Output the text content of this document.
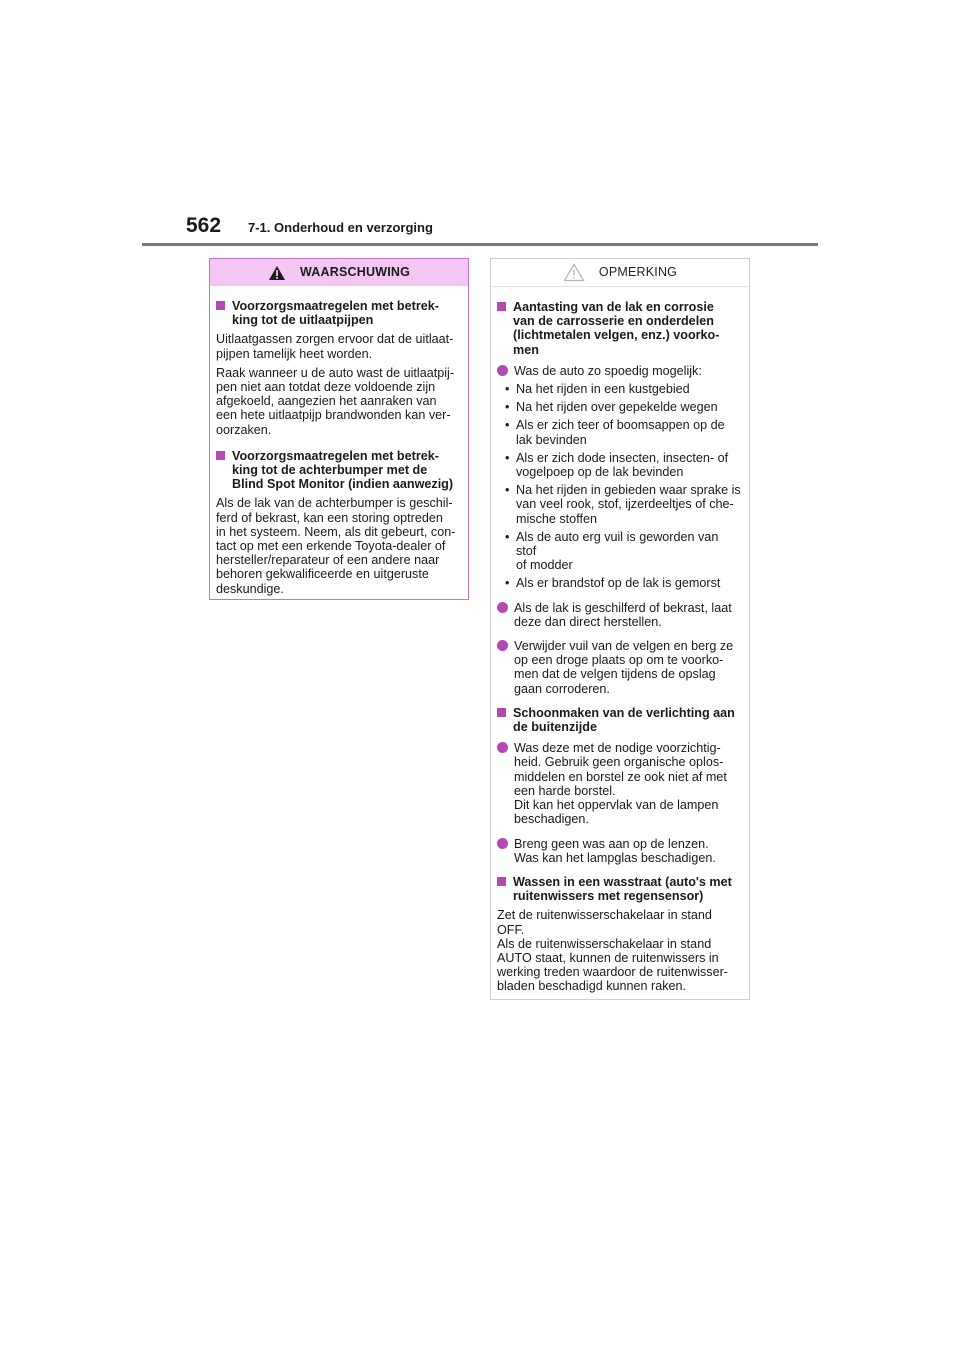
562 7-1. Onderhoud en verzorging
WAARSCHUWING
Voorzorgsmaatregelen met betrek-
king tot de uitlaatpijpen
Uitlaatgassen zorgen ervoor dat de uitlaat-
pijpen tamelijk heet worden.
Raak wanneer u de auto wast de uitlaatpij-
pen niet aan totdat deze voldoende zijn
afgekoeld, aangezien het aanraken van
een hete uitlaatpijp brandwonden kan ver-
oorzaken.
Voorzorgsmaatregelen met betrek-
king tot de achterbumper met de
Blind Spot Monitor (indien aanwezig)
Als de lak van de achterbumper is geschil-
ferd of bekrast, kan een storing optreden
in het systeem. Neem, als dit gebeurt, con-
tact op met een erkende Toyota-dealer of
hersteller/reparateur of een andere naar
behoren gekwalificeerde en uitgeruste
deskundige.
OPMERKING
Aantasting van de lak en corrosie
van de carrosserie en onderdelen
(lichtmetalen velgen, enz.) voorko-
men
Was de auto zo spoedig mogelijk:
• Na het rijden in een kustgebied
• Na het rijden over gepekelde wegen
• Als er zich teer of boomsappen op de
lak bevinden
• Als er zich dode insecten, insecten- of
vogelpoep op de lak bevinden
• Na het rijden in gebieden waar sprake is
van veel rook, stof, ijzerdeeltjes of che-
mische stoffen
• Als de auto erg vuil is geworden van stof
of modder
• Als er brandstof op de lak is gemorst
Als de lak is geschilferd of bekrast, laat
deze dan direct herstellen.
Verwijder vuil van de velgen en berg ze
op een droge plaats op om te voorko-
men dat de velgen tijdens de opslag
gaan corroderen.
Schoonmaken van de verlichting aan
de buitenzijde
Was deze met de nodige voorzichtig-
heid. Gebruik geen organische oplos-
middelen en borstel ze ook niet af met
een harde borstel.
Dit kan het oppervlak van de lampen
beschadigen.
Breng geen was aan op de lenzen.
Was kan het lampglas beschadigen.
Wassen in een wasstraat (auto's met
ruitenwissers met regensensor)
Zet de ruitenwisserschakelaar in stand
OFF.
Als de ruitenwisserschakelaar in stand
AUTO staat, kunnen de ruitenwissers in
werking treden waardoor de ruitenwisser-
bladen beschadigd kunnen raken.
